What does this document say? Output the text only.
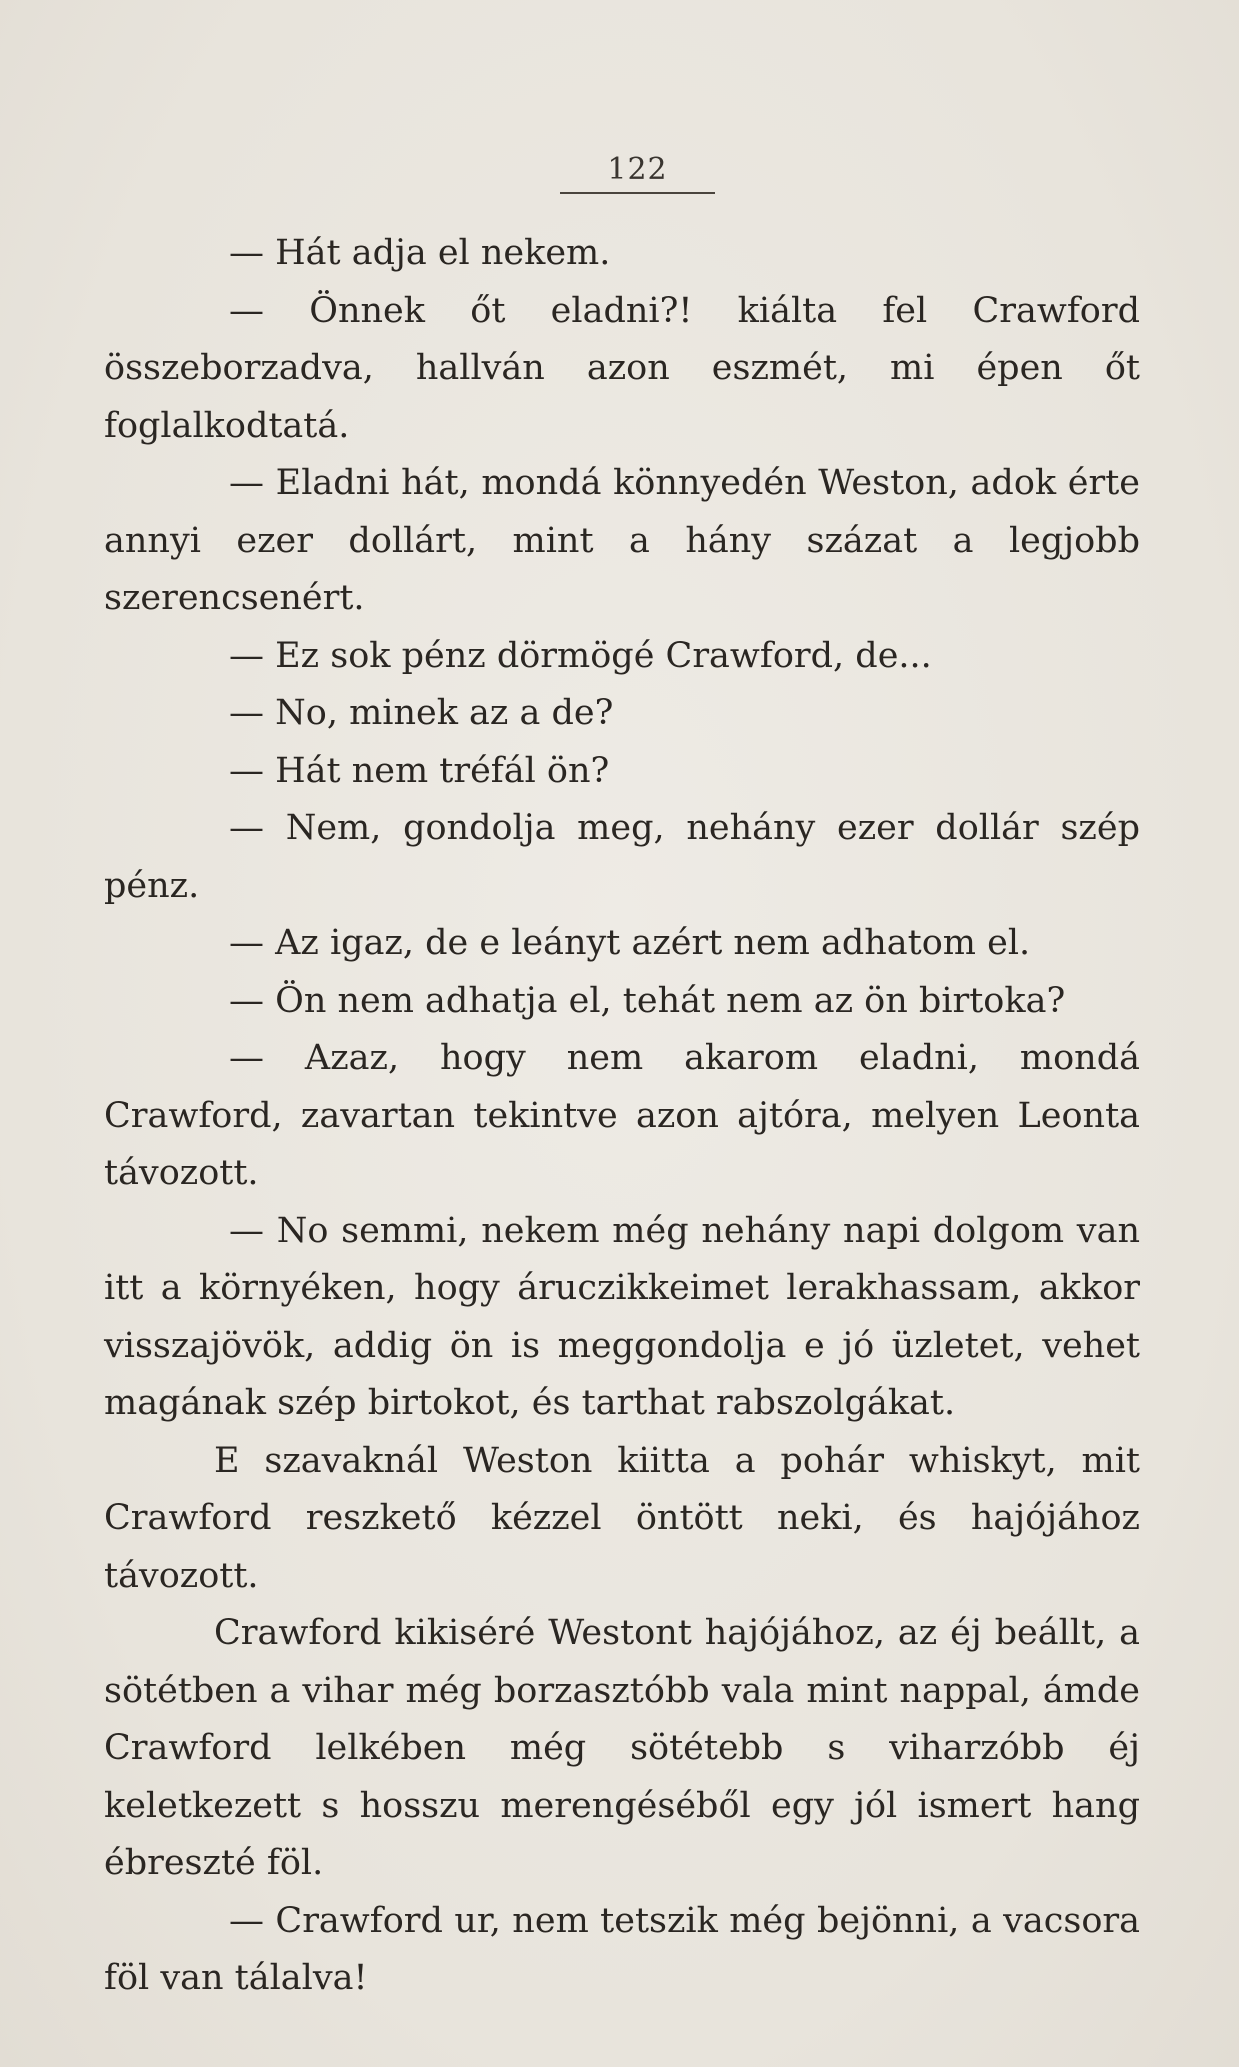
122

— Hát adja el nekem.

— Önnek őt eladni?! kiálta fel Crawford összeborzadva, hallván azon eszmét, mi épen őt foglalkodtatá.

— Eladni hát, mondá könnyedén Weston, adok érte annyi ezer dollárt, mint a hány százat a legjobb szerencsenért.

— Ez sok pénz dörmögé Crawford, de...

— No, minek az a de?

— Hát nem tréfál ön?

— Nem, gondolja meg, nehány ezer dollár szép pénz.

— Az igaz, de e leányt azért nem adhatom el.

— Ön nem adhatja el, tehát nem az ön birtoka?

— Azaz, hogy nem akarom eladni, mondá Crawford, zavartan tekintve azon ajtóra, melyen Leonta távozott.

— No semmi, nekem még nehány napi dolgom van itt a környéken, hogy áruczikkeimet lerakhassam, akkor visszajövök, addig ön is meggondolja e jó üzletet, vehet magának szép birtokot, és tarthat rabszolgákat.

E szavaknál Weston kiitta a pohár whiskyt, mit Crawford reszkető kézzel öntött neki, és hajójához távozott.

Crawford kikiséré Westont hajójához, az éj beállt, a sötétben a vihar még borzasztóbb vala mint nappal, ámde Crawford lelkében még sötétebb s viharzóbb éj keletkezett s hosszu merengéséből egy jól ismert hang ébreszté föl.

— Crawford ur, nem tetszik még bejönni, a vacsora föl van tálalva!
